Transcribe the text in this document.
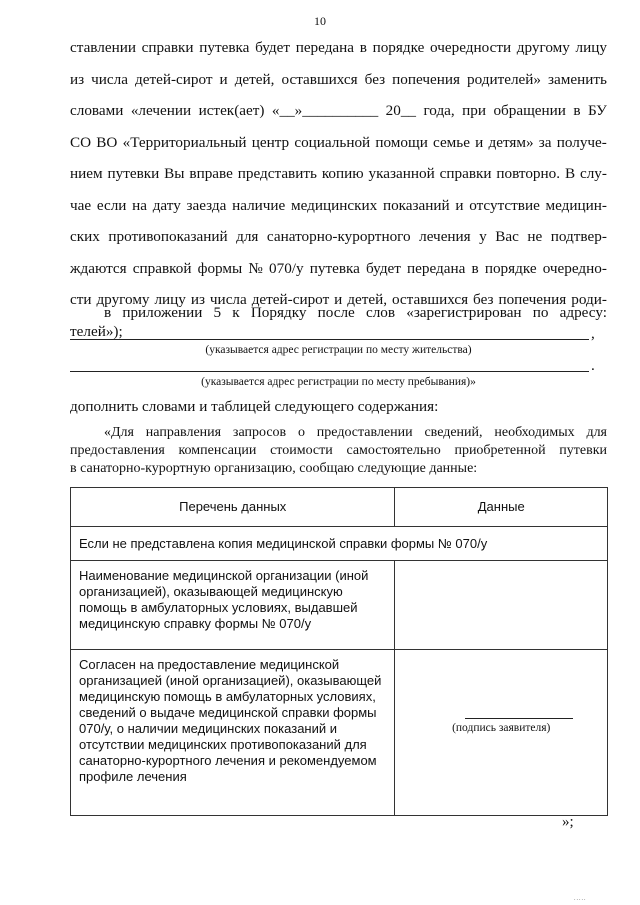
10
ставлении справки путевка будет передана в порядке очередности другому лицу
из числа детей-сирот и детей, оставшихся без попечения родителей» заменить
словами «лечении истек(ает) «__»__________ 20__ года, при обращении в БУ
СО ВО «Территориальный центр социальной помощи семье и детям» за получе-
нием путевки Вы вправе представить копию указанной справки повторно. В слу-
чае если на дату заезда наличие медицинских показаний и отсутствие медицин-
ских противопоказаний для санаторно-курортного лечения у Вас не подтвер-
ждаются справкой формы № 070/у путевка будет передана в порядке очередно-
сти другому лицу из числа детей-сирот и детей, оставшихся без попечения роди-
телей»);
в приложении 5 к Порядку после слов «зарегистрирован по адресу:
,
(указывается адрес регистрации по месту жительства)
.
(указывается адрес регистрации по месту пребывания)»
дополнить словами и таблицей следующего содержания:
«Для направления запросов о предоставлении сведений, необходимых для
предоставления компенсации стоимости самостоятельно приобретенной путевки
в санаторно-курортную организацию, сообщаю следующие данные:
Перечень данных	Данные

Если не представлена копия медицинской справки формы № 070/у	

Наименование медицинской организации (иной организацией), оказывающей медицинскую помощь в амбулаторных условиях, выдавшей медицинскую справку формы № 070/у	

Согласен на предоставление медицинской организацией (иной организацией), оказывающей медицинскую помощь в амбулаторных условиях, сведений о выдаче медицинской справки формы 070/у, о наличии медицинских показаний и отсутствии медицинских противопоказаний для санаторно-курортного лечения и рекомендуемом профиле лечения	(подпись заявителя)
»;
.....
